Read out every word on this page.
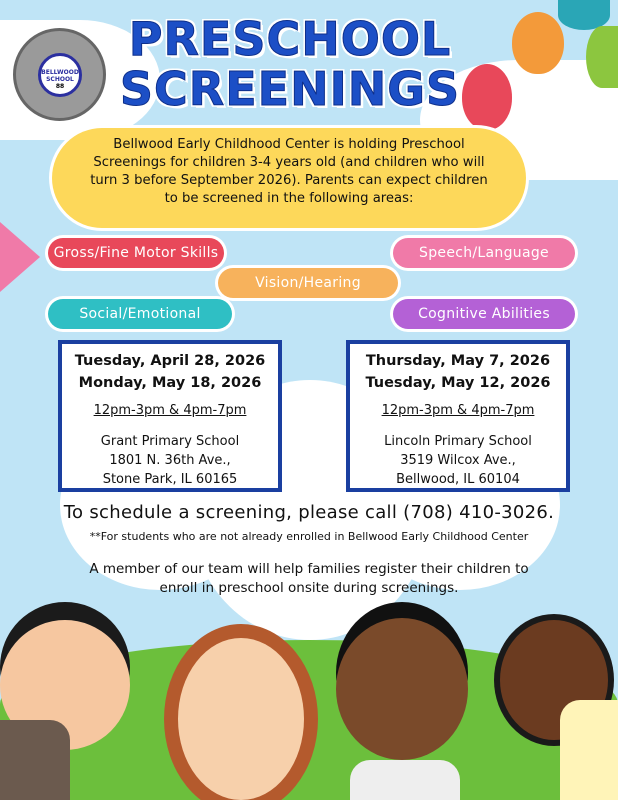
BELLWOOD
SCHOOL
88
PRESCHOOL
SCREENINGS
Bellwood Early Childhood Center is holding Preschool Screenings for children 3-4 years old (and children who will turn 3 before September 2026). Parents can expect children to be screened in the following areas:
Gross/Fine Motor Skills	Speech/Language
Vision/Hearing
Social/Emotional	Cognitive Abilities
Tuesday, April 28, 2026
Monday, May 18, 2026
12pm-3pm & 4pm-7pm
Grant Primary School
1801 N. 36th Ave.,
Stone Park, IL 60165
Thursday, May 7, 2026
Tuesday, May 12, 2026
12pm-3pm & 4pm-7pm
Lincoln Primary School
3519 Wilcox Ave.,
Bellwood, IL 60104
To schedule a screening, please call (708) 410-3026.
**For students who are not already enrolled in Bellwood Early Childhood Center
A member of our team will help families register their children to enroll in preschool onsite during screenings.
